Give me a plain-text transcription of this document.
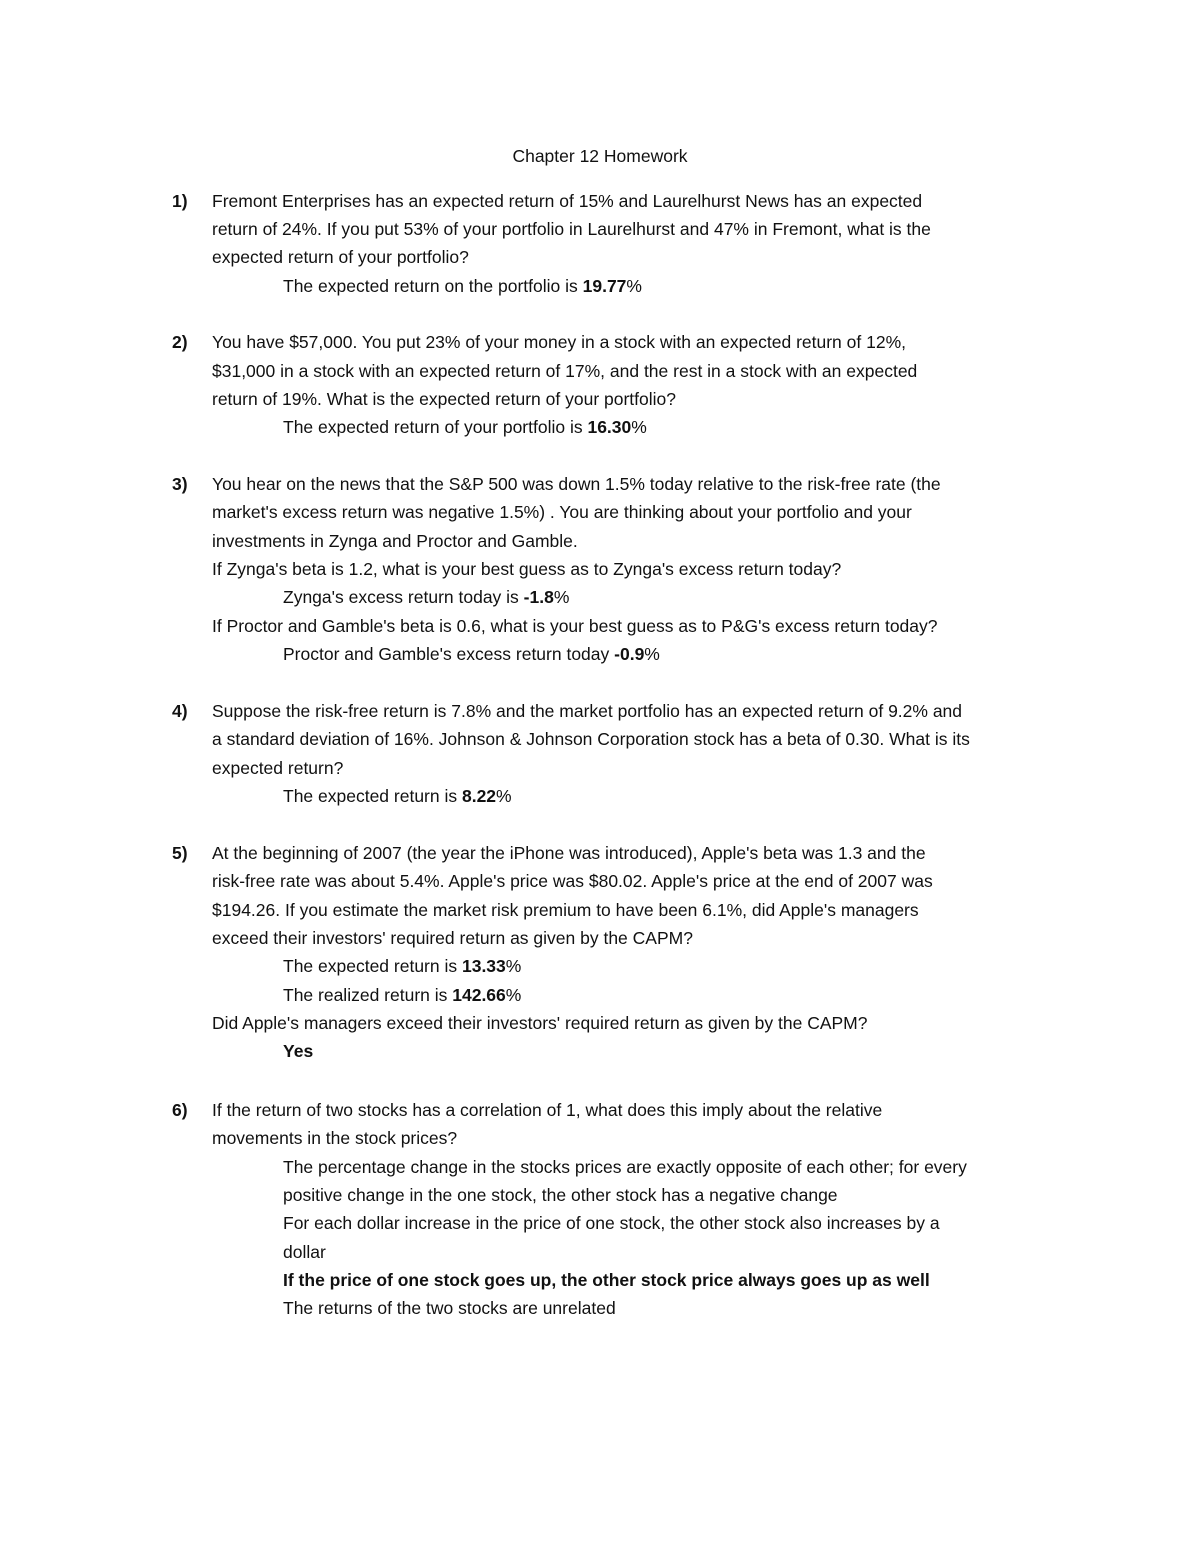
Chapter 12 Homework
1) Fremont Enterprises has an expected return of 15% and Laurelhurst News has an expected
return of 24%. If you put 53% of your portfolio in Laurelhurst and 47% in Fremont, what is the
expected return of your portfolio?
The expected return on the portfolio is 19.77%
2) You have $57,000. You put 23% of your money in a stock with an expected return of 12%,
$31,000 in a stock with an expected return of 17%, and the rest in a stock with an expected
return of 19%. What is the expected return of your portfolio?
The expected return of your portfolio is 16.30%
3) You hear on the news that the S&P 500 was down 1.5% today relative to the risk-free rate (the
market's excess return was negative 1.5%) . You are thinking about your portfolio and your
investments in Zynga and Proctor and Gamble.
If Zynga's beta is 1.2, what is your best guess as to Zynga's excess return today?
Zynga's excess return today is -1.8%
If Proctor and Gamble's beta is 0.6, what is your best guess as to P&G's excess return today?
Proctor and Gamble's excess return today -0.9%
4) Suppose the risk-free return is 7.8% and the market portfolio has an expected return of 9.2% and
a standard deviation of 16%. Johnson & Johnson Corporation stock has a beta of 0.30. What is its
expected return?
The expected return is 8.22%
5) At the beginning of 2007 (the year the iPhone was introduced), Apple's beta was 1.3 and the
risk-free rate was about 5.4%. Apple's price was $80.02. Apple's price at the end of 2007 was
$194.26. If you estimate the market risk premium to have been 6.1%, did Apple's managers
exceed their investors' required return as given by the CAPM?
The expected return is 13.33%
The realized return is 142.66%
Did Apple's managers exceed their investors' required return as given by the CAPM?
Yes
6) If the return of two stocks has a correlation of 1, what does this imply about the relative
movements in the stock prices?
The percentage change in the stocks prices are exactly opposite of each other; for every
positive change in the one stock, the other stock has a negative change
For each dollar increase in the price of one stock, the other stock also increases by a
dollar
If the price of one stock goes up, the other stock price always goes up as well
The returns of the two stocks are unrelated
